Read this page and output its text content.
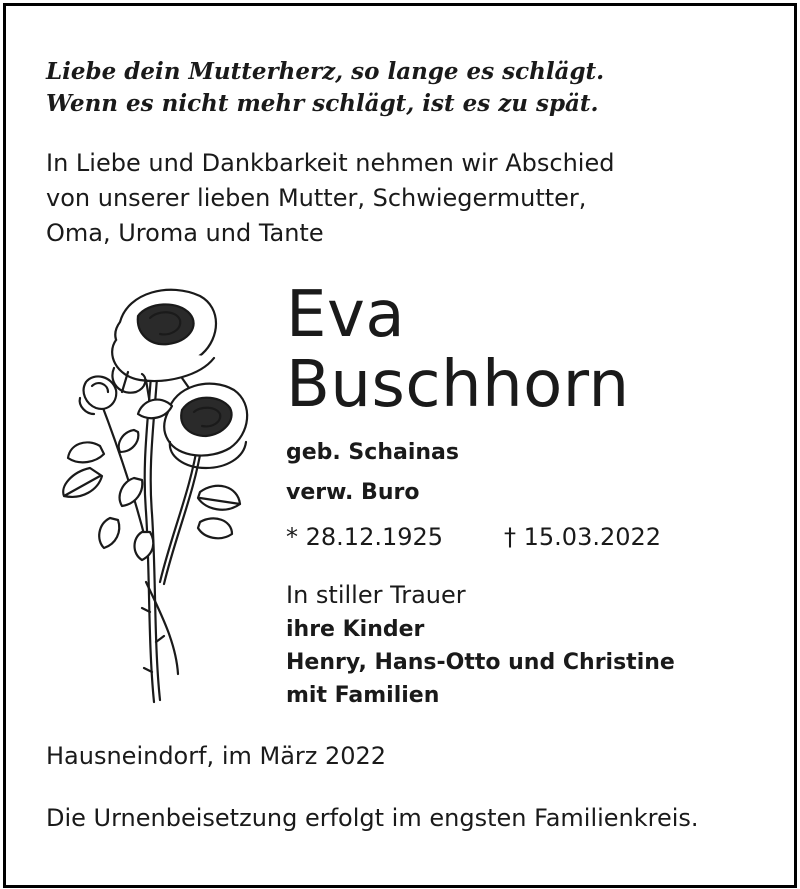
Liebe dein Mutterherz, so lange es schlägt.

Wenn es nicht mehr schlägt, ist es zu spät.

In Liebe und Dankbarkeit nehmen wir Abschied
von unserer lieben Mutter, Schwiegermutter,
Oma, Uroma und Tante

Eva

Buschhorn

geb. Schainas

verw. Buro

* 28.12.1925	† 15.03.2022
In stiller Trauer
ihre Kinder
Henry, Hans-Otto und Christine
mit Familien

Hausneindorf, im März 2022

Die Urnenbeisetzung erfolgt im engsten Familienkreis.
